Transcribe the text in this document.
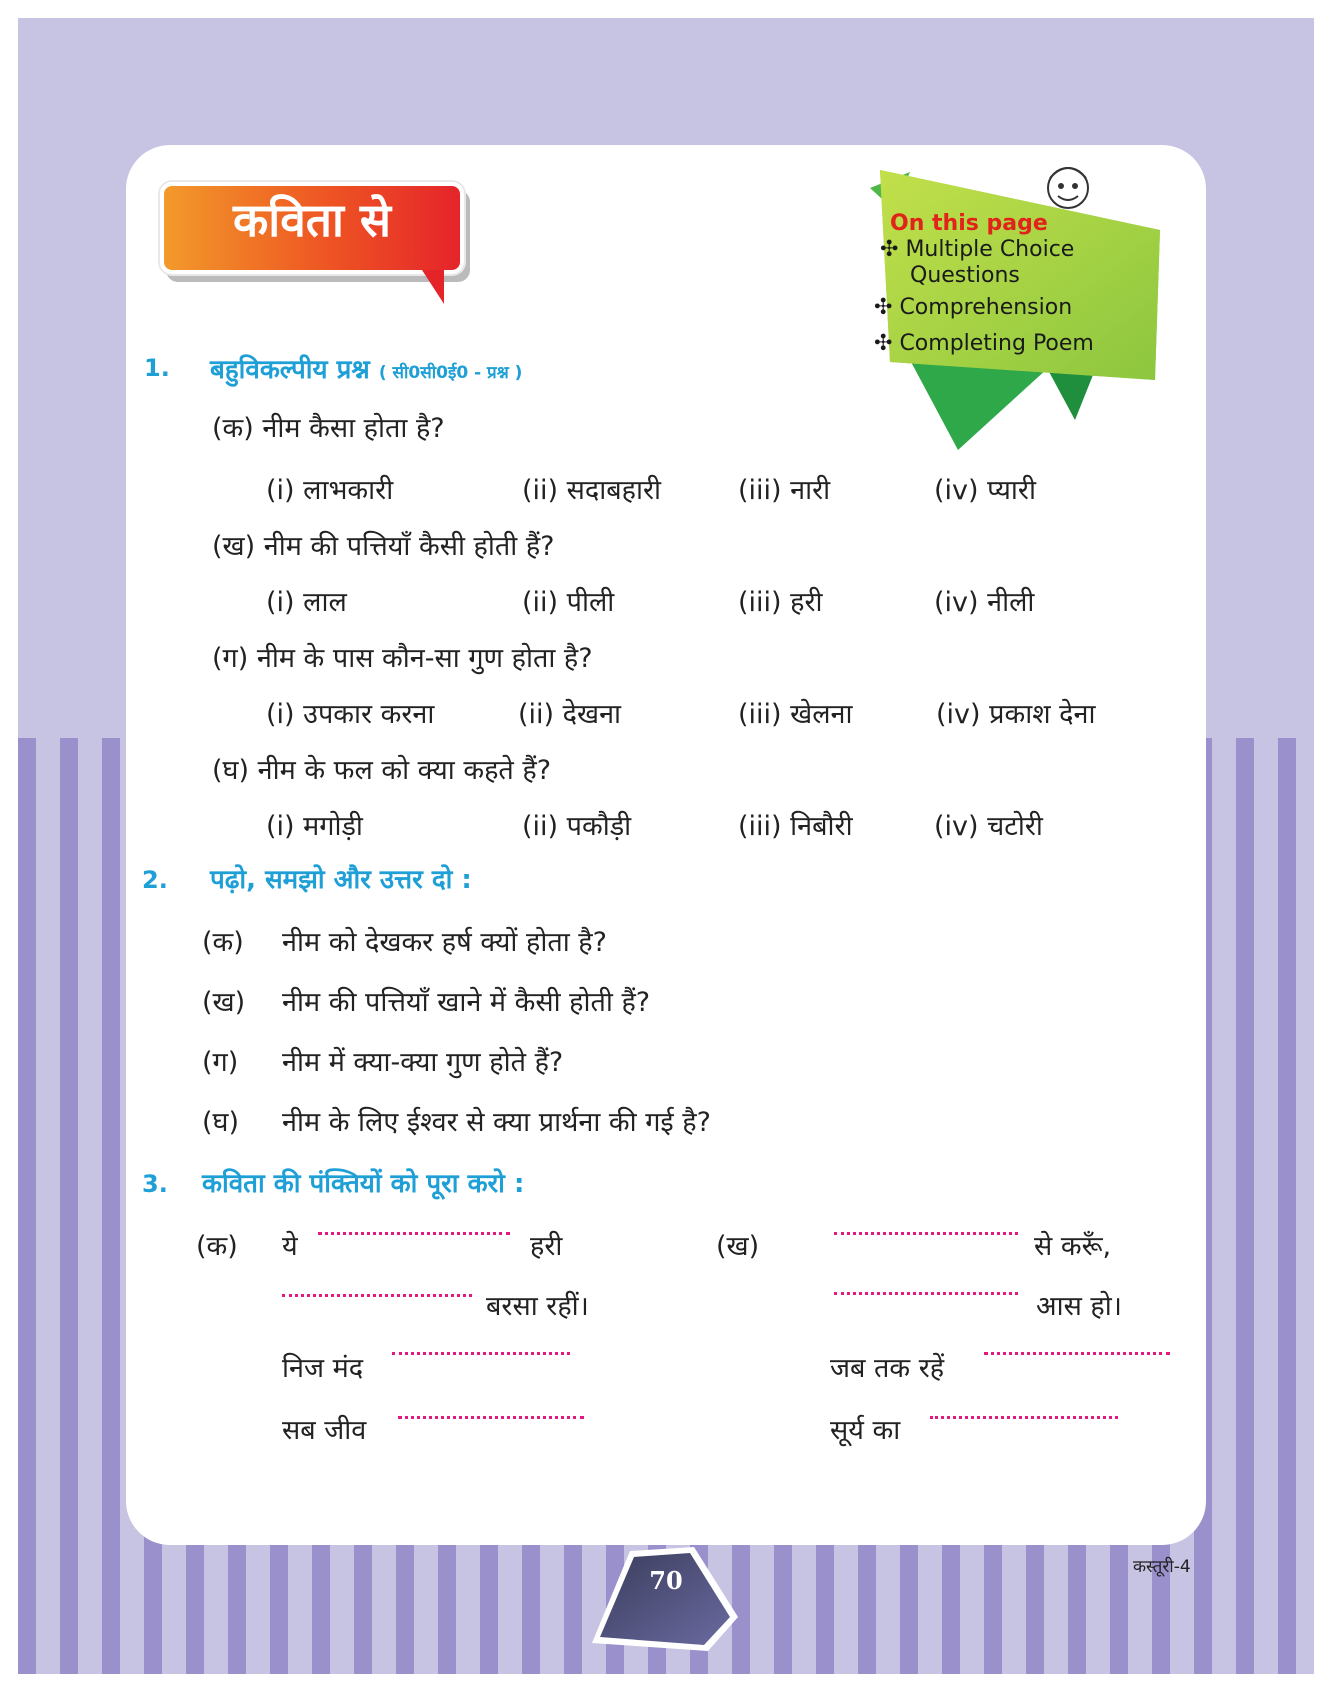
कविता से	On this page
✣ Multiple Choice
Questions
✣ Comprehension
✣ Completing Poem
1. बहुविकल्पीय प्रश्न ( सी0सी0ई0 - प्रश्न )
(क) नीम कैसा होता है?
(i) लाभकारी	(ii) सदाबहारी	(iii) नारी	(iv) प्यारी
(ख) नीम की पत्तियाँ कैसी होती हैं?
(i) लाल	(ii) पीली	(iii) हरी	(iv) नीली
(ग) नीम के पास कौन-सा गुण होता है?
(i) उपकार करना	(ii) देखना	(iii) खेलना	(iv) प्रकाश देना
(घ) नीम के फल को क्या कहते हैं?
(i) मगोड़ी	(ii) पकौड़ी	(iii) निबौरी	(iv) चटोरी
2. पढ़ो, समझो और उत्तर दो :
(क) नीम को देखकर हर्ष क्यों होता है?
(ख) नीम की पत्तियाँ खाने में कैसी होती हैं?
(ग) नीम में क्या-क्या गुण होते हैं?
(घ) नीम के लिए ईश्वर से क्या प्रार्थना की गई है?
3. कविता की पंक्तियों को पूरा करो :
(क) ये	हरी
बरसा रहीं।
निज मंद
सब जीव
(ख)	से करूँ,
आस हो।
जब तक रहें
सूर्य का
70	कस्तूरी-4
